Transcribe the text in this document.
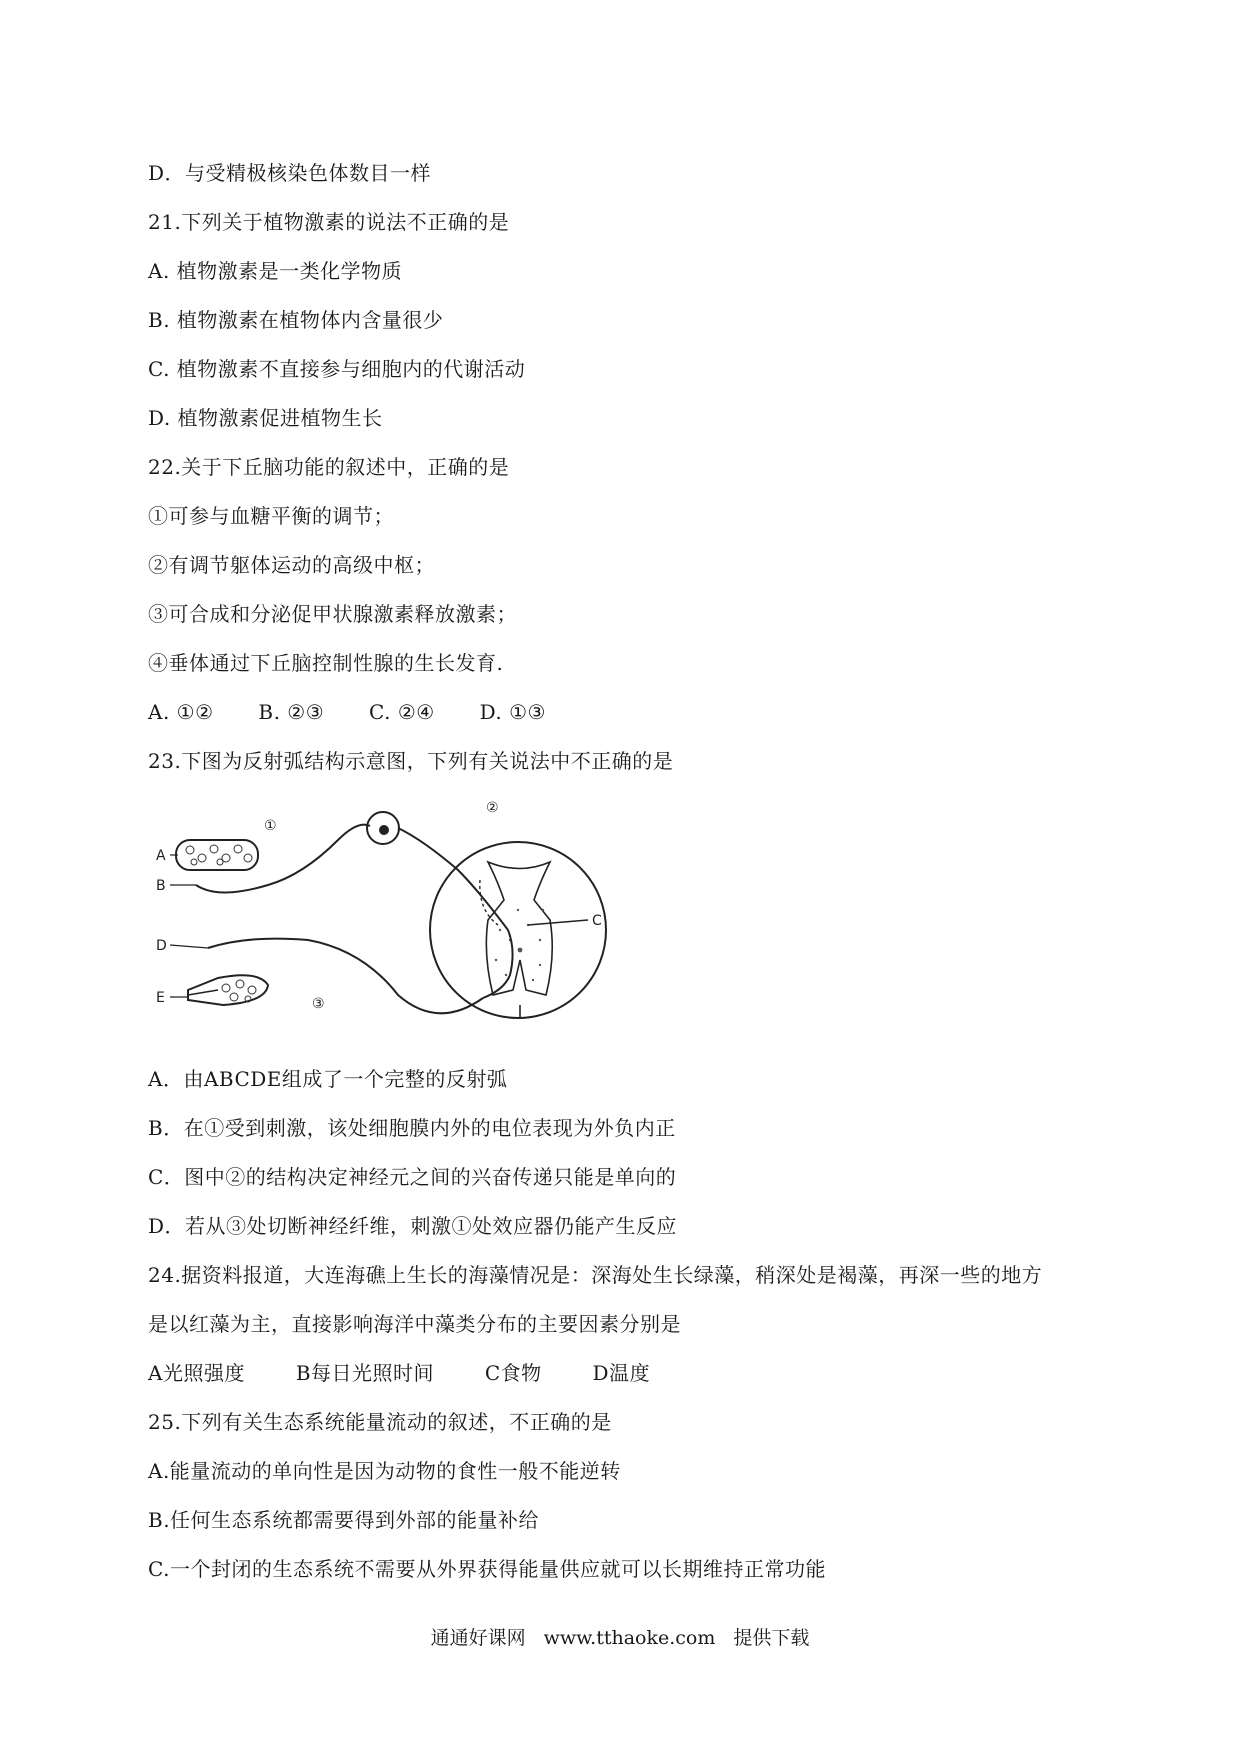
D．与受精极核染色体数目一样
21.下列关于植物激素的说法不正确的是
A. 植物激素是一类化学物质
B. 植物激素在植物体内含量很少
C. 植物激素不直接参与细胞内的代谢活动
D. 植物激素促进植物生长
22.关于下丘脑功能的叙述中，正确的是
①可参与血糖平衡的调节；
②有调节躯体运动的高级中枢；
③可合成和分泌促甲状腺激素释放激素；
④垂体通过下丘脑控制性腺的生长发育.
A. ①② B. ②③ C. ②④ D. ①③
23.下图为反射弧结构示意图，下列有关说法中不正确的是
A
B
C
D
E
①
②
③
A．由ABCDE组成了一个完整的反射弧
B．在①受到刺激，该处细胞膜内外的电位表现为外负内正
C．图中②的结构决定神经元之间的兴奋传递只能是单向的
D．若从③处切断神经纤维，刺激①处效应器仍能产生反应
24.据资料报道，大连海礁上生长的海藻情况是：深海处生长绿藻，稍深处是褐藻，再深一些的地方
是以红藻为主，直接影响海洋中藻类分布的主要因素分别是
A光照强度	B每日光照时间	C食物	D温度
25.下列有关生态系统能量流动的叙述，不正确的是
A.能量流动的单向性是因为动物的食性一般不能逆转
B.任何生态系统都需要得到外部的能量补给
C.一个封闭的生态系统不需要从外界获得能量供应就可以长期维持正常功能
通通好课网 www.tthaoke.com 提供下载
